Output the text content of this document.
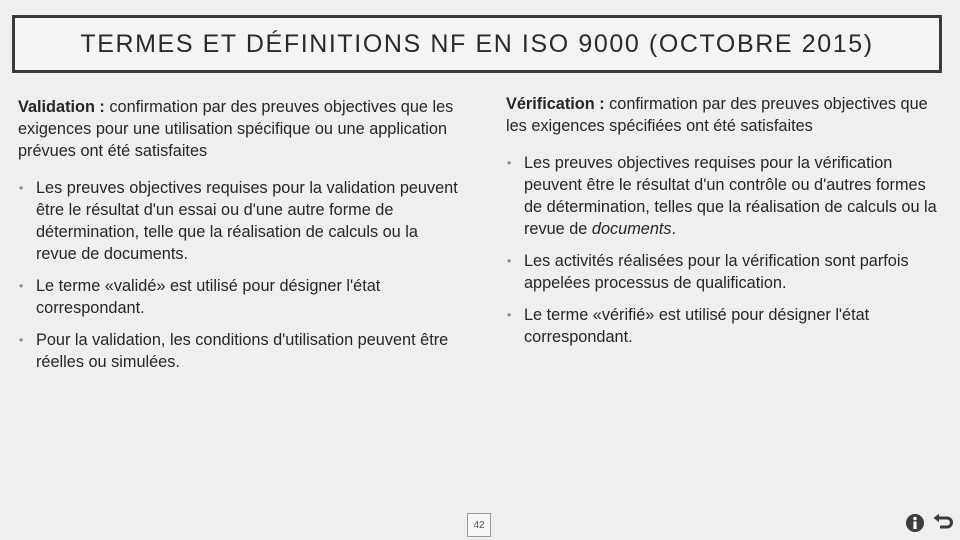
TERMES ET DÉFINITIONS NF EN ISO 9000 (OCTOBRE 2015)

Validation : confirmation par des preuves objectives que les exigences pour une utilisation spécifique ou une application prévues ont été satisfaites

• Les preuves objectives requises pour la validation peuvent être le résultat d'un essai ou d'une autre forme de détermination, telle que la réalisation de calculs ou la revue de documents.
• Le terme «validé» est utilisé pour désigner l'état correspondant.
• Pour la validation, les conditions d'utilisation peuvent être réelles ou simulées.

Vérification : confirmation par des preuves objectives que les exigences spécifiées ont été satisfaites

• Les preuves objectives requises pour la vérification peuvent être le résultat d'un contrôle ou d'autres formes de détermination, telles que la réalisation de calculs ou la revue de documents.
• Les activités réalisées pour la vérification sont parfois appelées processus de qualification.
• Le terme «vérifié» est utilisé pour désigner l'état correspondant.
42
